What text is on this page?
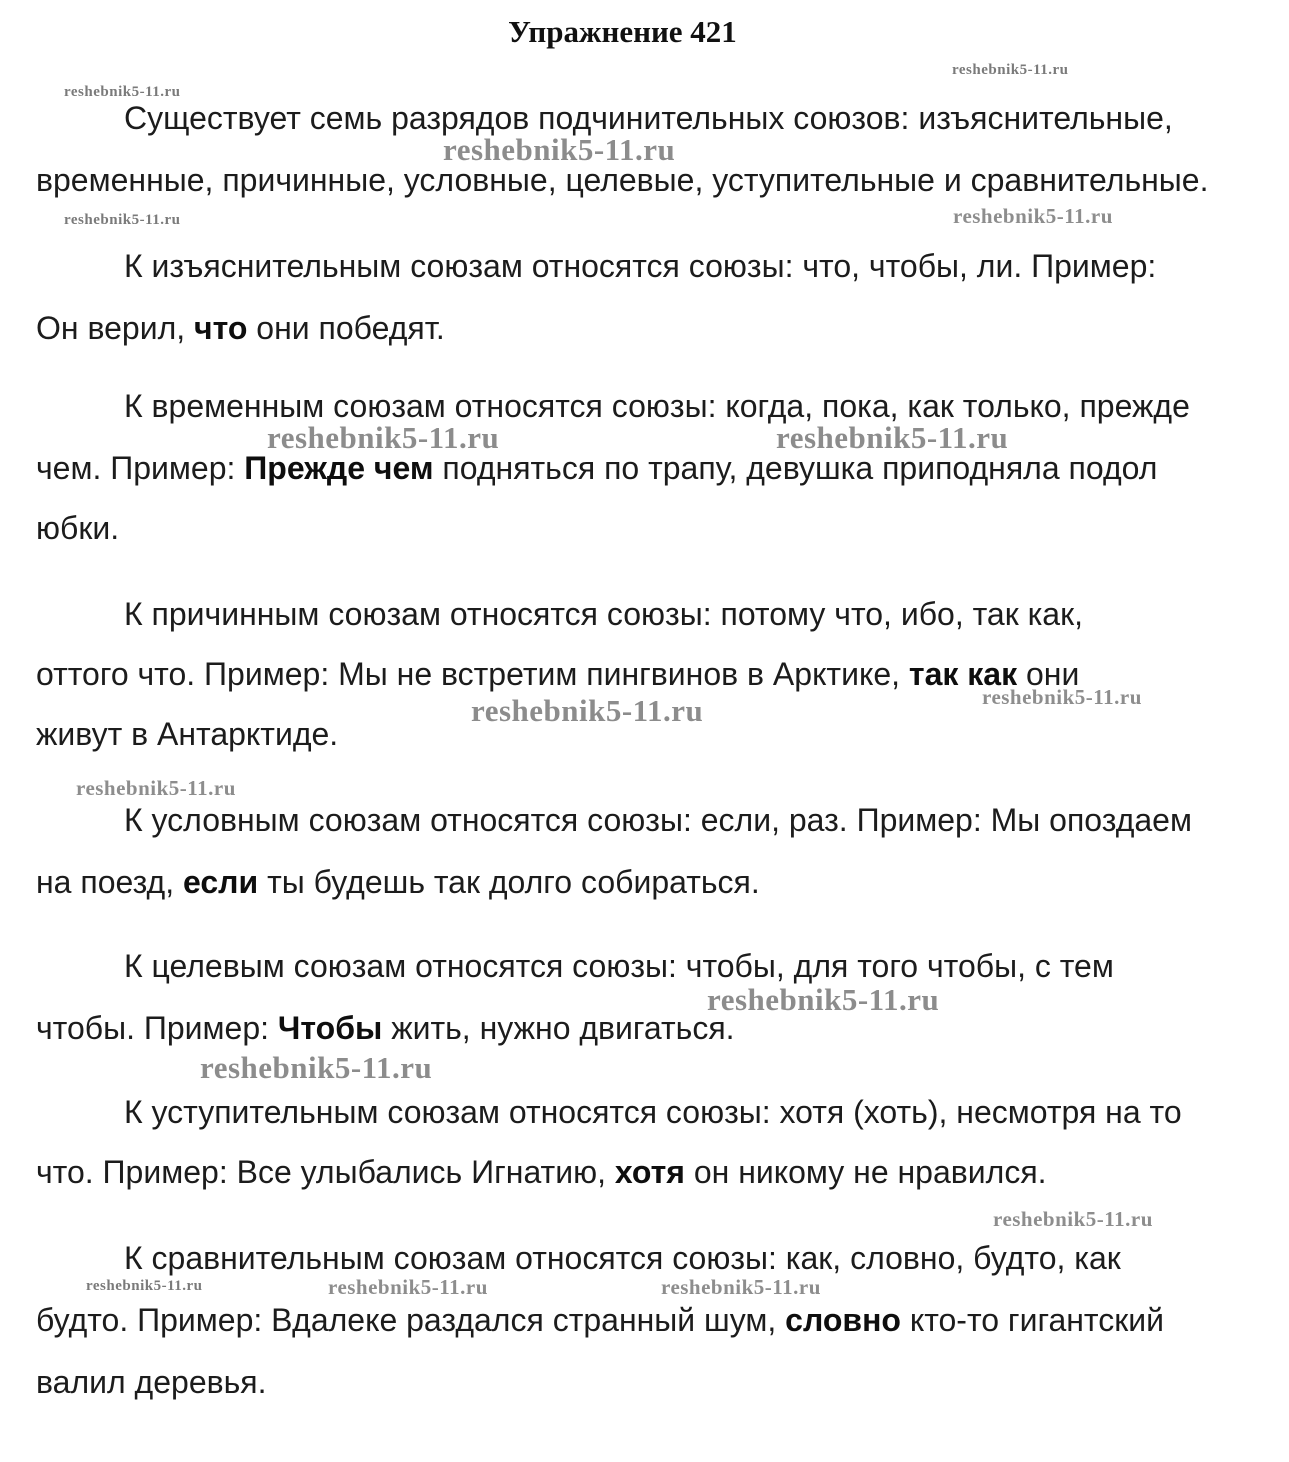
Упражнение 421
Существует семь разрядов подчинительных союзов: изъяснительные,
временные, причинные, условные, целевые, уступительные и сравнительные.
К изъяснительным союзам относятся союзы: что, чтобы, ли. Пример:
Он верил, что они победят.
К временным союзам относятся союзы: когда, пока, как только, прежде
чем. Пример: Прежде чем подняться по трапу, девушка приподняла подол
юбки.
К причинным союзам относятся союзы: потому что, ибо, так как,
оттого что. Пример: Мы не встретим пингвинов в Арктике, так как они
живут в Антарктиде.
К условным союзам относятся союзы: если, раз. Пример: Мы опоздаем
на поезд, если ты будешь так долго собираться.
К целевым союзам относятся союзы: чтобы, для того чтобы, с тем
чтобы. Пример: Чтобы жить, нужно двигаться.
К уступительным союзам относятся союзы: хотя (хоть), несмотря на то
что. Пример: Все улыбались Игнатию, хотя он никому не нравился.
К сравнительным союзам относятся союзы: как, словно, будто, как
будто. Пример: Вдалеке раздался странный шум, словно кто-то гигантский
валил деревья.
reshebnik5-11.ru
reshebnik5-11.ru
reshebnik5-11.ru
reshebnik5-11.ru	reshebnik5-11.ru
reshebnik5-11.ru	reshebnik5-11.ru
reshebnik5-11.ru
reshebnik5-11.ru
reshebnik5-11.ru
reshebnik5-11.ru
reshebnik5-11.ru
reshebnik5-11.ru
reshebnik5-11.ru	reshebnik5-11.ru	reshebnik5-11.ru
